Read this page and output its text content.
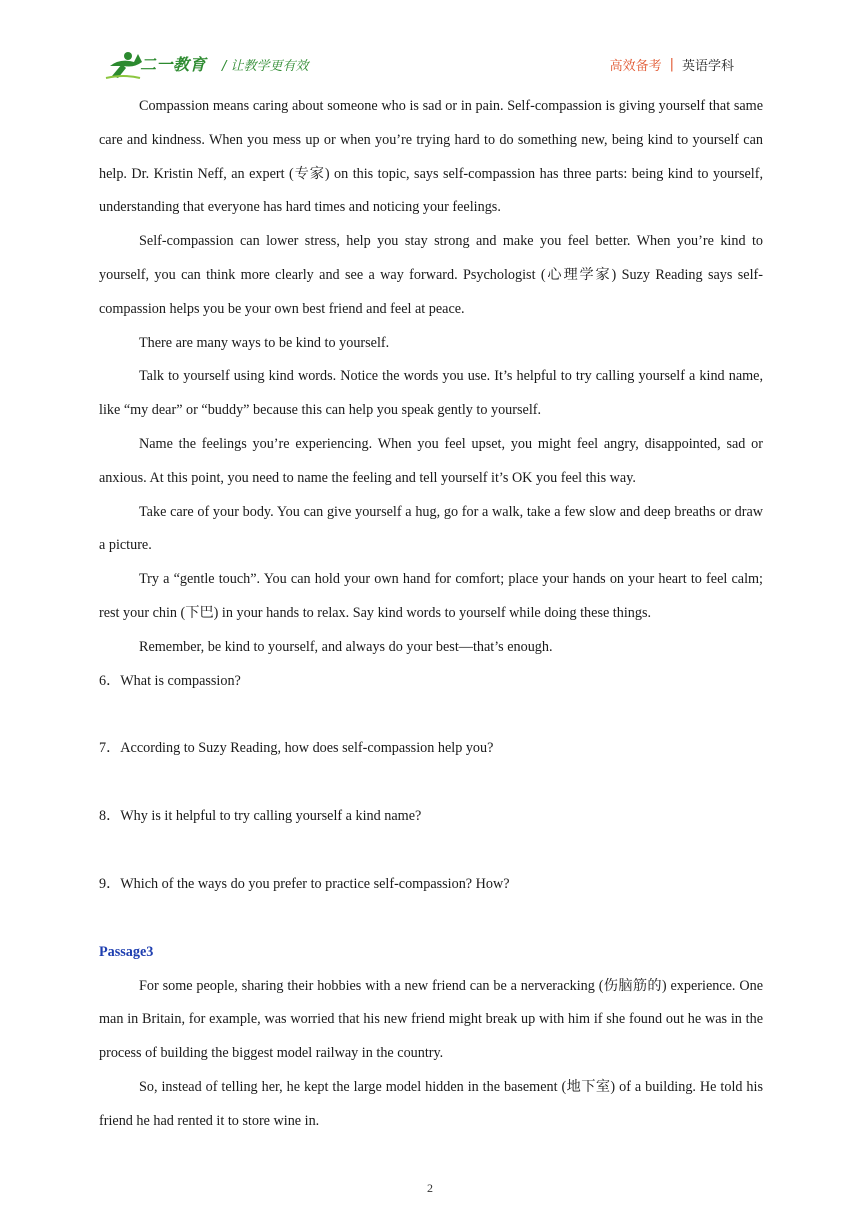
二一教育 / 让教学更有效	高效备考 | 英语学科

Compassion means caring about someone who is sad or in pain. Self-compassion is giving yourself that same care and kindness. When you mess up or when you’re trying hard to do something new, being kind to yourself can help. Dr. Kristin Neff, an expert (专家) on this topic, says self-compassion has three parts: being kind to yourself, understanding that everyone has hard times and noticing your feelings.

Self-compassion can lower stress, help you stay strong and make you feel better. When you’re kind to yourself, you can think more clearly and see a way forward. Psychologist (心理学家) Suzy Reading says self-compassion helps you be your own best friend and feel at peace.

There are many ways to be kind to yourself.

Talk to yourself using kind words. Notice the words you use. It’s helpful to try calling yourself a kind name, like “my dear” or “buddy” because this can help you speak gently to yourself.

Name the feelings you’re experiencing. When you feel upset, you might feel angry, disappointed, sad or anxious. At this point, you need to name the feeling and tell yourself it’s OK you feel this way.

Take care of your body. You can give yourself a hug, go for a walk, take a few slow and deep breaths or draw a picture.

Try a “gentle touch”. You can hold your own hand for comfort; place your hands on your heart to feel calm; rest your chin (下巴) in your hands to relax. Say kind words to yourself while doing these things.

Remember, be kind to yourself, and always do your best—that’s enough.

6．What is compassion?

7．According to Suzy Reading, how does self-compassion help you?

8．Why is it helpful to try calling yourself a kind name?

9．Which of the ways do you prefer to practice self-compassion? How?

Passage3

For some people, sharing their hobbies with a new friend can be a nerveracking (伤脑筋的) experience. One man in Britain, for example, was worried that his new friend might break up with him if she found out he was in the process of building the biggest model railway in the country.

So, instead of telling her, he kept the large model hidden in the basement (地下室) of a building. He told his friend he had rented it to store wine in.

2
